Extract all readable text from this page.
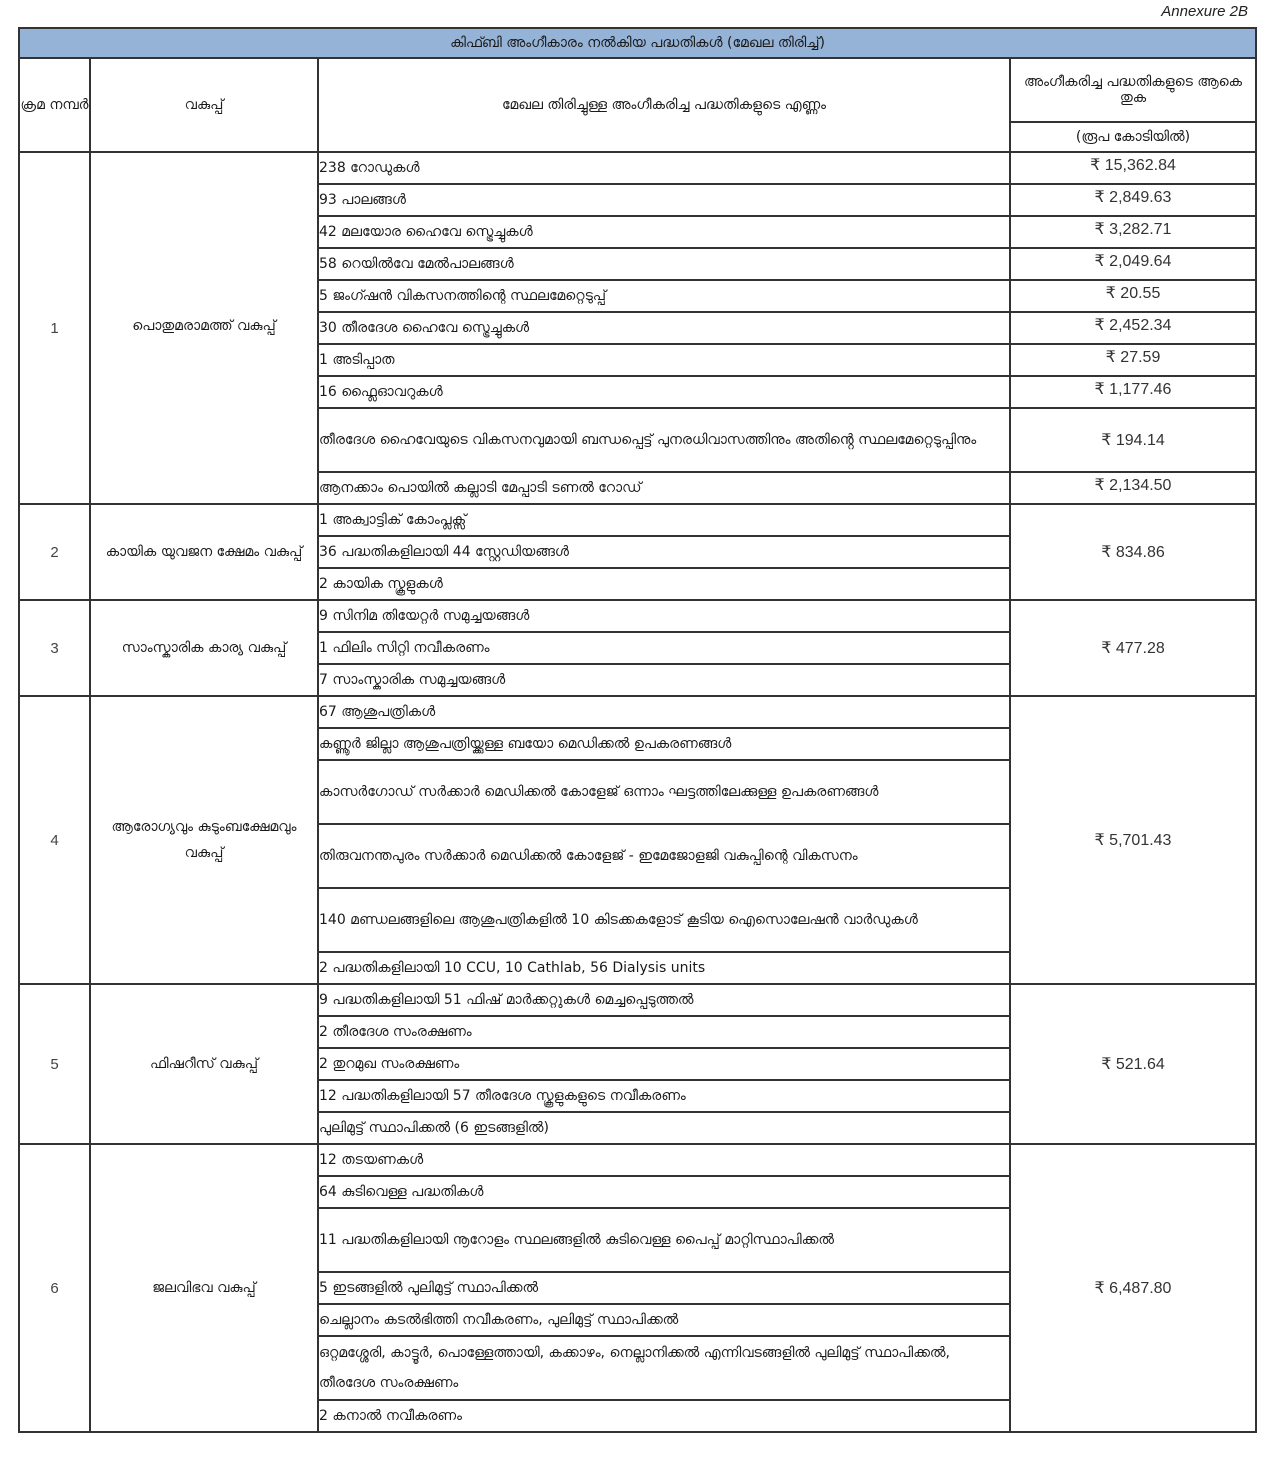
Annexure 2B
കിഫ്ബി അംഗീകാരം നൽകിയ പദ്ധതികൾ (മേഖല തിരിച്ച്)			
ക്രമ നമ്പർ	വകുപ്പ്	മേഖല തിരിച്ചുള്ള അംഗീകരിച്ച പദ്ധതികളുടെ എണ്ണം	അംഗീകരിച്ച പദ്ധതികളുടെ ആകെ തുക
			(രൂപ കോടിയിൽ)
1	പൊതുമരാമത്ത് വകുപ്പ്	238 റോഡുകൾ	₹ 15,362.84
		93 പാലങ്ങൾ	₹ 2,849.63
		42 മലയോര ഹൈവേ സ്ട്രെച്ചുകൾ	₹ 3,282.71
		58 റെയിൽവേ മേൽപാലങ്ങൾ	₹ 2,049.64
		5 ജംഗ്ഷൻ വികസനത്തിന്റെ സ്ഥലമേറ്റെടുപ്പ്	₹ 20.55
		30 തീരദേശ ഹൈവേ സ്ട്രെച്ചുകൾ	₹ 2,452.34
		1 അടിപ്പാത	₹ 27.59
		16 ഫ്ലൈഓവറുകൾ	₹ 1,177.46
		തീരദേശ ഹൈവേയുടെ വികസനവുമായി ബന്ധപ്പെട്ട് പുനരധിവാസത്തിനും അതിൻ്റെ സ്ഥലമേറ്റെടുപ്പിനും	₹ 194.14
		ആനക്കാം പൊയിൽ കല്ലാടി മേപ്പാടി ടണൽ റോഡ്	₹ 2,134.50
2	കായിക യുവജന ക്ഷേമം വകുപ്പ്	1 അക്വാട്ടിക് കോംപ്ലക്സ്	₹ 834.86
		36 പദ്ധതികളിലായി 44 സ്റ്റേഡിയങ്ങൾ	
		2 കായിക സ്കൂളുകൾ	
3	സാംസ്കാരിക കാര്യ വകുപ്പ്	9 സിനിമ തിയേറ്റർ സമുച്ചയങ്ങൾ	₹ 477.28
		1 ഫിലിം സിറ്റി നവീകരണം	
		7 സാംസ്കാരിക സമുച്ചയങ്ങൾ	
4	ആരോഗ്യവും കുടുംബക്ഷേമവും വകുപ്പ്	67 ആശുപത്രികൾ	₹ 5,701.43
		കണ്ണൂർ ജില്ലാ ആശുപത്രിയ്ക്കുള്ള ബയോ മെഡിക്കൽ ഉപകരണങ്ങൾ	
		കാസർഗോഡ് സർക്കാർ മെഡിക്കൽ കോളേജ് ഒന്നാം ഘട്ടത്തിലേക്കുള്ള ഉപകരണങ്ങൾ	
		തിരുവനന്തപുരം സർക്കാർ മെഡിക്കൽ കോളേജ് - ഇമേജോളജി വകുപ്പിന്റെ വികസനം	
		140 മണ്ഡലങ്ങളിലെ ആശുപത്രികളിൽ 10 കിടക്കകളോട് കൂടിയ ഐസൊലേഷൻ വാർഡുകൾ	
		2 പദ്ധതികളിലായി 10 CCU, 10 Cathlab, 56 Dialysis units	
5	ഫിഷറീസ് വകുപ്പ്	9 പദ്ധതികളിലായി 51 ഫിഷ് മാർക്കറ്റുകൾ മെച്ചപ്പെടുത്തൽ	₹ 521.64
		2 തീരദേശ സംരക്ഷണം	
		2 തുറമുഖ സംരക്ഷണം	
		12 പദ്ധതികളിലായി 57 തീരദേശ സ്കൂളുകളുടെ നവീകരണം	
		പുലിമുട്ട് സ്ഥാപിക്കൽ (6 ഇടങ്ങളിൽ)	
6	ജലവിഭവ വകുപ്പ്	12 തടയണകൾ	₹ 6,487.80
		64 കുടിവെള്ള പദ്ധതികൾ	
		11 പദ്ധതികളിലായി നൂറോളം സ്ഥലങ്ങളിൽ കുടിവെള്ള പൈപ്പ് മാറ്റിസ്ഥാപിക്കൽ	
		5 ഇടങ്ങളിൽ പുലിമുട്ട് സ്ഥാപിക്കൽ	
		ചെല്ലാനം കടൽഭിത്തി നവീകരണം, പുലിമുട്ട് സ്ഥാപിക്കൽ	
		ഒറ്റമശ്ശേരി, കാട്ടൂർ, പൊള്ളേത്തായി, കക്കാഴം, നെല്ലാനിക്കൽ എന്നിവടങ്ങളിൽ പുലിമുട്ട് സ്ഥാപിക്കൽ, തീരദേശ സംരക്ഷണം	
		2 കനാൽ നവീകരണം	
